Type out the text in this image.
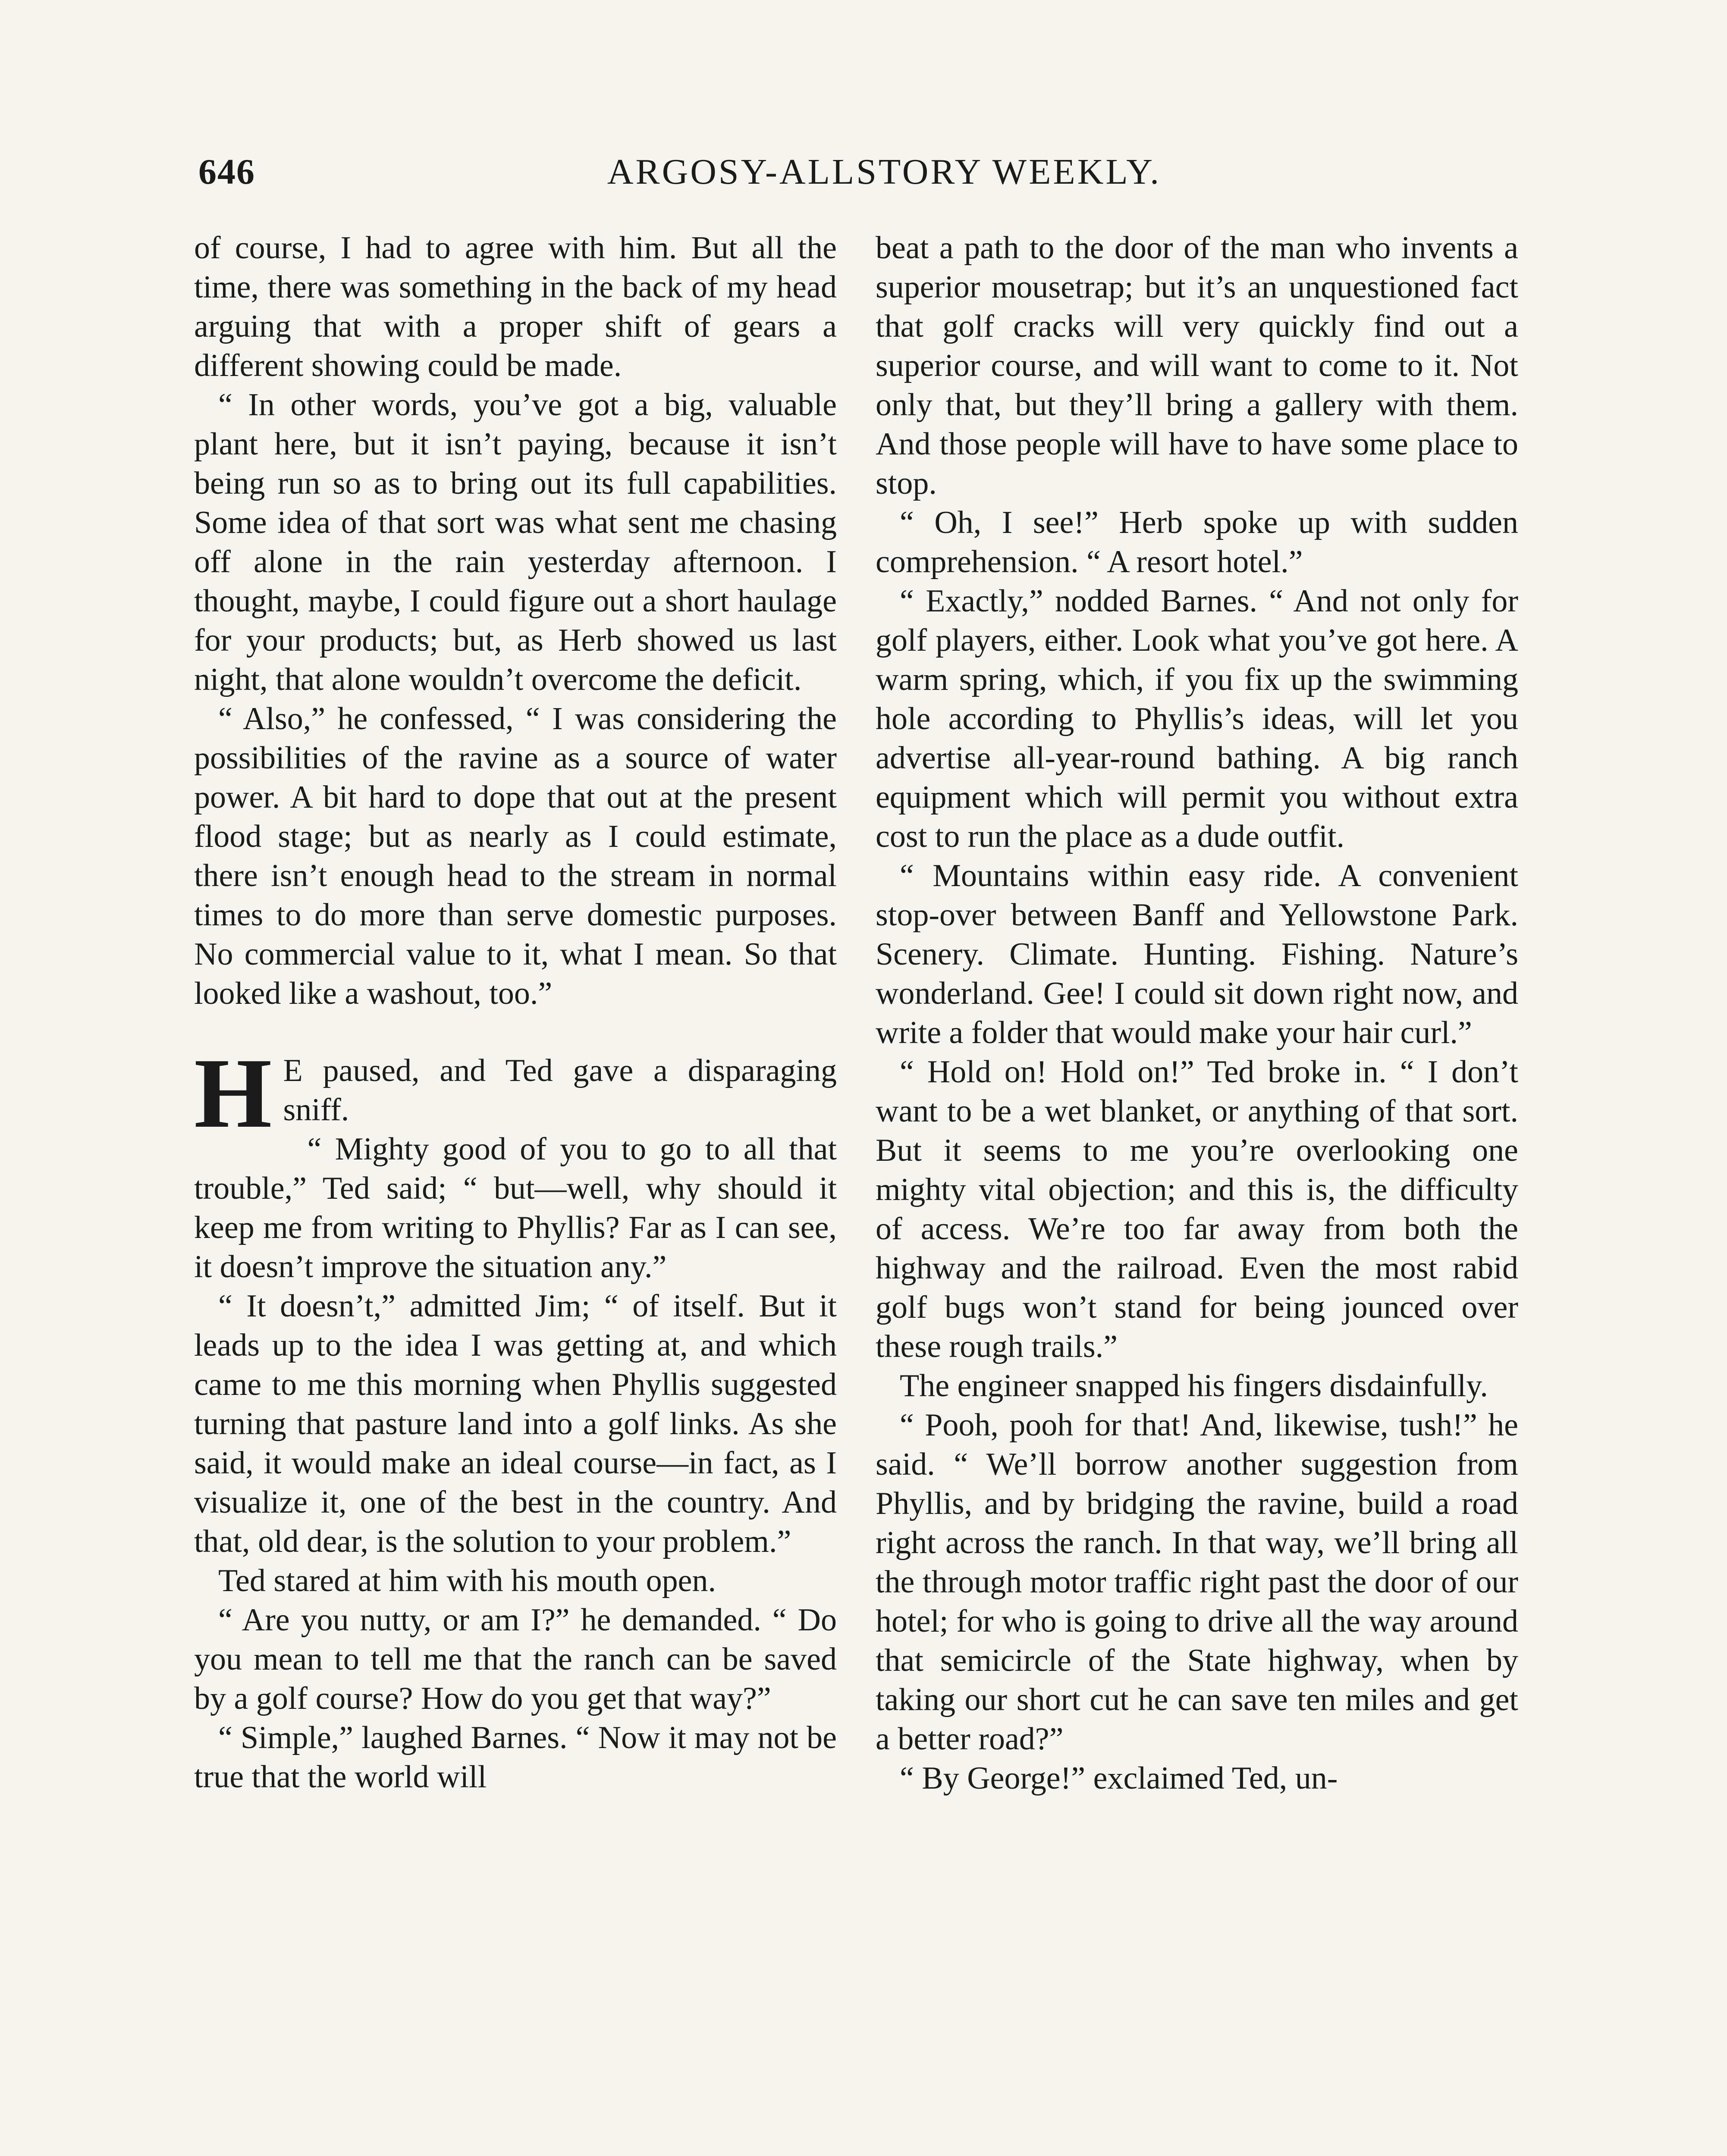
646	ARGOSY-ALLSTORY WEEKLY.

of course, I had to agree with him. But all the time, there was something in the back of my head arguing that with a proper shift of gears a different showing could be made.

“ In other words, you’ve got a big, valuable plant here, but it isn’t paying, because it isn’t being run so as to bring out its full capabilities. Some idea of that sort was what sent me chasing off alone in the rain yesterday afternoon. I thought, maybe, I could figure out a short haulage for your products; but, as Herb showed us last night, that alone wouldn’t overcome the deficit.

“ Also,” he confessed, “ I was considering the possibilities of the ravine as a source of water power. A bit hard to dope that out at the present flood stage; but as nearly as I could estimate, there isn’t enough head to the stream in normal times to do more than serve domestic purposes. No commercial value to it, what I mean. So that looked like a washout, too.”

H E paused, and Ted gave a disparaging sniff.

“ Mighty good of you to go to all that trouble,” Ted said; “ but—well, why should it keep me from writing to Phyllis? Far as I can see, it doesn’t improve the situation any.”

“ It doesn’t,” admitted Jim; “ of itself. But it leads up to the idea I was getting at, and which came to me this morning when Phyllis suggested turning that pasture land into a golf links. As she said, it would make an ideal course—in fact, as I visualize it, one of the best in the country. And that, old dear, is the solution to your problem.”

Ted stared at him with his mouth open.

“ Are you nutty, or am I?” he demanded. “ Do you mean to tell me that the ranch can be saved by a golf course? How do you get that way?”

“ Simple,” laughed Barnes. “ Now it may not be true that the world will

beat a path to the door of the man who invents a superior mousetrap; but it’s an unquestioned fact that golf cracks will very quickly find out a superior course, and will want to come to it. Not only that, but they’ll bring a gallery with them. And those people will have to have some place to stop.

“ Oh, I see!” Herb spoke up with sudden comprehension. “ A resort hotel.”

“ Exactly,” nodded Barnes. “ And not only for golf players, either. Look what you’ve got here. A warm spring, which, if you fix up the swimming hole according to Phyllis’s ideas, will let you advertise all-year-round bathing. A big ranch equipment which will permit you without extra cost to run the place as a dude outfit.

“ Mountains within easy ride. A convenient stop-over between Banff and Yellowstone Park. Scenery. Climate. Hunting. Fishing. Nature’s wonderland. Gee! I could sit down right now, and write a folder that would make your hair curl.”

“ Hold on! Hold on!” Ted broke in. “ I don’t want to be a wet blanket, or anything of that sort. But it seems to me you’re overlooking one mighty vital objection; and this is, the difficulty of access. We’re too far away from both the highway and the railroad. Even the most rabid golf bugs won’t stand for being jounced over these rough trails.”

The engineer snapped his fingers disdainfully.

“ Pooh, pooh for that! And, likewise, tush!” he said. “ We’ll borrow another suggestion from Phyllis, and by bridging the ravine, build a road right across the ranch. In that way, we’ll bring all the through motor traffic right past the door of our hotel; for who is going to drive all the way around that semicircle of the State highway, when by taking our short cut he can save ten miles and get a better road?”

“ By George!” exclaimed Ted, un-
